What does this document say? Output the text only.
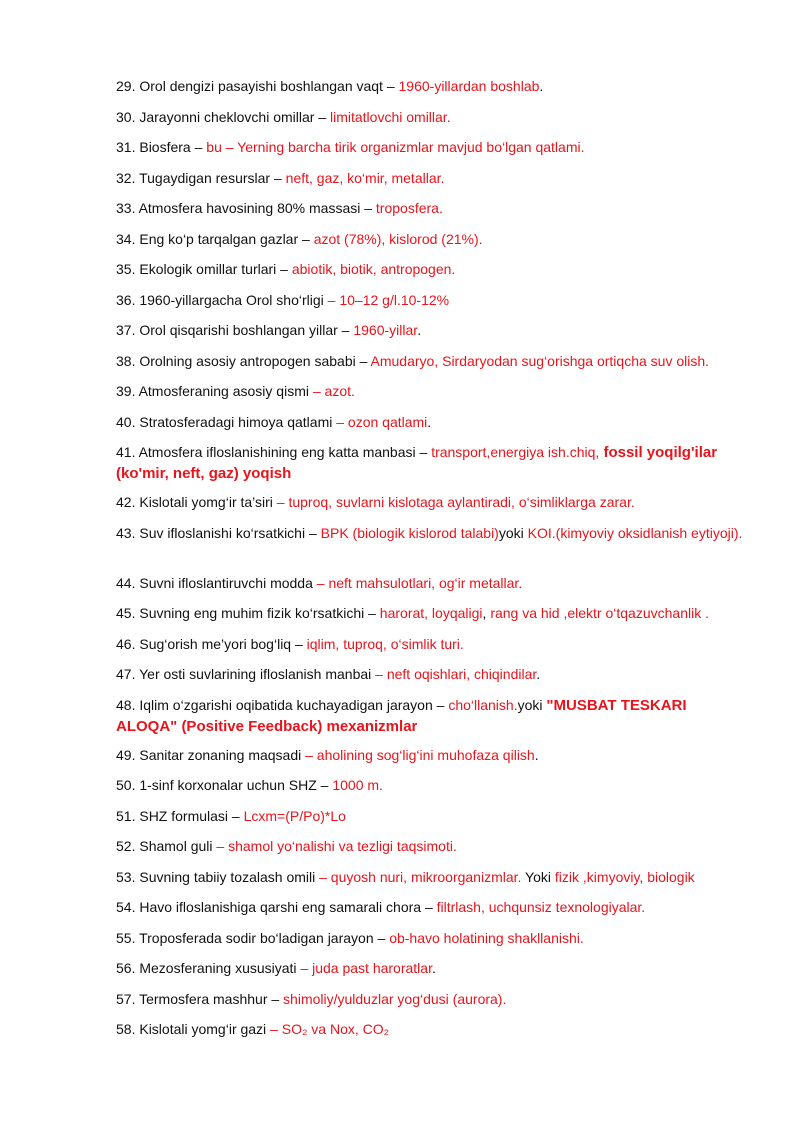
29. Orol dengizi pasayishi boshlangan vaqt – 1960-yillardan boshlab.

30. Jarayonni cheklovchi omillar – limitatlovchi omillar.

31. Biosfera – bu – Yerning barcha tirik organizmlar mavjud bo‘lgan qatlami.

32. Tugaydigan resurslar – neft, gaz, ko‘mir, metallar.

33. Atmosfera havosining 80% massasi – troposfera.

34. Eng ko‘p tarqalgan gazlar – azot (78%), kislorod (21%).

35. Ekologik omillar turlari – abiotik, biotik, antropogen.

36. 1960-yillargacha Orol sho‘rligi – 10–12 g/l.10-12%

37. Orol qisqarishi boshlangan yillar – 1960-yillar.

38. Orolning asosiy antropogen sababi – Amudaryo, Sirdaryodan sug‘orishga ortiqcha suv olish.

39. Atmosferaning asosiy qismi – azot.

40. Stratosferadagi himoya qatlami – ozon qatlami.

41. Atmosfera ifloslanishining eng katta manbasi – transport,energiya ish.chiq, fossil yoqilg'ilar (ko'mir, neft, gaz) yoqish

42. Kislotali yomg‘ir ta’siri – tuproq, suvlarni kislotaga aylantiradi, o‘simliklarga zarar.

43. Suv ifloslanishi ko‘rsatkichi – BPK (biologik kislorod talabi)yoki KOI.(kimyoviy oksidlanish eytiyoji).

44. Suvni ifloslantiruvchi modda – neft mahsulotlari, og‘ir metallar.

45. Suvning eng muhim fizik ko‘rsatkichi – harorat, loyqaligi, rang va hid ,elektr o‘tqazuvchanlik .

46. Sug‘orish me’yori bog‘liq – iqlim, tuproq, o‘simlik turi.

47. Yer osti suvlarining ifloslanish manbai – neft oqishlari, chiqindilar.

48. Iqlim o‘zgarishi oqibatida kuchayadigan jarayon – cho‘llanish.yoki "MUSBAT TESKARI ALOQA" (Positive Feedback) mexanizmlar

49. Sanitar zonaning maqsadi – aholining sog‘lig‘ini muhofaza qilish.

50. 1-sinf korxonalar uchun SHZ – 1000 m.

51. SHZ formulasi – Lcxm=(P/Po)*Lo

52. Shamol guli – shamol yo‘nalishi va tezligi taqsimoti.

53. Suvning tabiiy tozalash omili – quyosh nuri, mikroorganizmlar. Yoki fizik ,kimyoviy, biologik

54. Havo ifloslanishiga qarshi eng samarali chora – filtrlash, uchqunsiz texnologiyalar.

55. Troposferada sodir bo‘ladigan jarayon – ob-havo holatining shakllanishi.

56. Mezosferaning xususiyati – juda past haroratlar.

57. Termosfera mashhur – shimoliy/yulduzlar yog‘dusi (aurora).

58. Kislotali yomg‘ir gazi – SO₂ va Nox, CO₂
